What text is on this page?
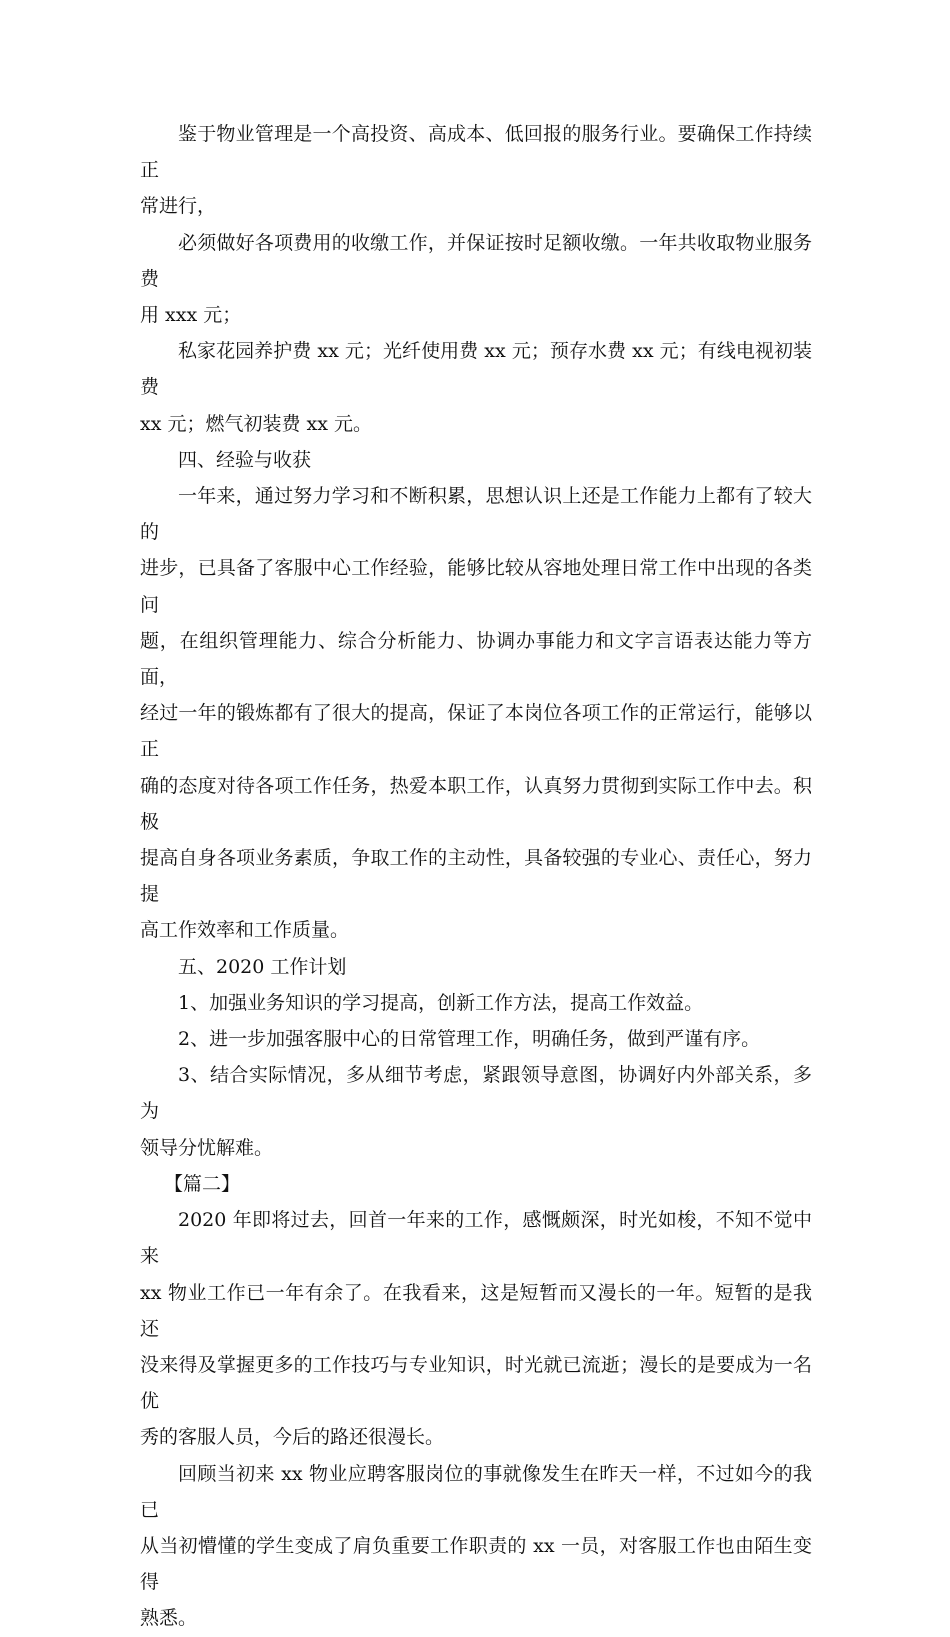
鉴于物业管理是一个高投资、高成本、低回报的服务行业。要确保工作持续正
常进行，

必须做好各项费用的收缴工作，并保证按时足额收缴。一年共收取物业服务费
用 xxx 元；

私家花园养护费 xx 元；光纤使用费 xx 元；预存水费 xx 元；有线电视初装费
xx 元；燃气初装费 xx 元。

四、经验与收获

一年来，通过努力学习和不断积累，思想认识上还是工作能力上都有了较大的
进步，已具备了客服中心工作经验，能够比较从容地处理日常工作中出现的各类问
题，在组织管理能力、综合分析能力、协调办事能力和文字言语表达能力等方面，
经过一年的锻炼都有了很大的提高，保证了本岗位各项工作的正常运行，能够以正
确的态度对待各项工作任务，热爱本职工作，认真努力贯彻到实际工作中去。积极
提高自身各项业务素质，争取工作的主动性，具备较强的专业心、责任心，努力提
高工作效率和工作质量。

五、2020 工作计划

1、加强业务知识的学习提高，创新工作方法，提高工作效益。

2、进一步加强客服中心的日常管理工作，明确任务，做到严谨有序。

3、结合实际情况，多从细节考虑，紧跟领导意图，协调好内外部关系，多为
领导分忧解难。

【篇二】

2020 年即将过去，回首一年来的工作，感慨颇深，时光如梭，不知不觉中来
xx 物业工作已一年有余了。在我看来，这是短暂而又漫长的一年。短暂的是我还
没来得及掌握更多的工作技巧与专业知识，时光就已流逝；漫长的是要成为一名优
秀的客服人员，今后的路还很漫长。

回顾当初来 xx 物业应聘客服岗位的事就像发生在昨天一样，不过如今的我已
从当初懵懂的学生变成了肩负重要工作职责的 xx 一员，对客服工作也由陌生变得
熟悉。
